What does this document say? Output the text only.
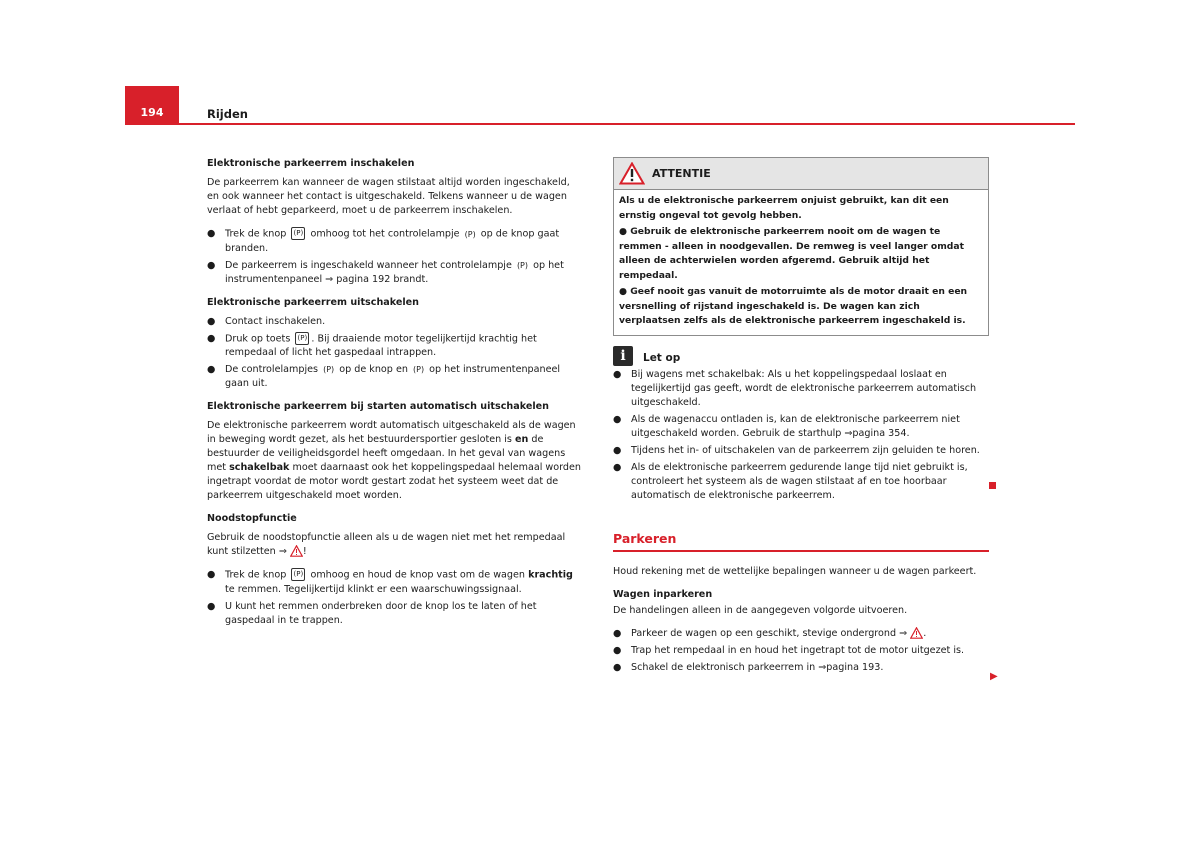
194	Rijden
Elektronische parkeerrem inschakelen

De parkeerrem kan wanneer de wagen stilstaat altijd worden ingeschakeld, en ook wanneer het contact is uitgeschakeld. Telkens wanneer u de wagen verlaat of hebt geparkeerd, moet u de parkeerrem inschakelen.

● Trek de knop (P) omhoog tot het controlelampje (P) op de knop gaat branden.
● De parkeerrem is ingeschakeld wanneer het controlelampje (P) op het instrumentenpaneel ⇒ pagina 192 brandt.
Elektronische parkeerrem uitschakelen
● Contact inschakelen.
● Druk op toets (P) . Bij draaiende motor tegelijkertijd krachtig het rempedaal of licht het gaspedaal intrappen.
● De controlelampjes (P) op de knop en (P) op het instrumentenpaneel gaan uit.
Elektronische parkeerrem bij starten automatisch uitschakelen

De elektronische parkeerrem wordt automatisch uitgeschakeld als de wagen in beweging wordt gezet, als het bestuurdersportier gesloten is en de bestuurder de veiligheidsgordel heeft omgedaan. In het geval van wagens met schakelbak moet daarnaast ook het koppelingspedaal helemaal worden ingetrapt voordat de motor wordt gestart zodat het systeem weet dat de parkeerrem uitgeschakeld moet worden.

Noodstopfunctie

Gebruik de noodstopfunctie alleen als u de wagen niet met het rempedaal kunt stilzetten ⇒ !

● Trek de knop (P) omhoog en houd de knop vast om de wagen krachtig te remmen. Tegelijkertijd klinkt er een waarschuwingssignaal.
● U kunt het remmen onderbreken door de knop los te laten of het gaspedaal in te trappen.
ATTENTIE

Als u de elektronische parkeerrem onjuist gebruikt, kan dit een ernstig ongeval tot gevolg hebben.

● Gebruik de elektronische parkeerrem nooit om de wagen te remmen - alleen in noodgevallen. De remweg is veel langer omdat alleen de achterwielen worden afgeremd. Gebruik altijd het rempedaal.

● Geef nooit gas vanuit de motorruimte als de motor draait en een versnelling of rijstand ingeschakeld is. De wagen kan zich verplaatsen zelfs als de elektronische parkeerrem ingeschakeld is.

i	Let op
● Bij wagens met schakelbak: Als u het koppelingspedaal loslaat en tegelijkertijd gas geeft, wordt de elektronische parkeerrem automatisch uitgeschakeld.
● Als de wagenaccu ontladen is, kan de elektronische parkeerrem niet uitgeschakeld worden. Gebruik de starthulp ⇒pagina 354.
● Tijdens het in- of uitschakelen van de parkeerrem zijn geluiden te horen.
● Als de elektronische parkeerrem gedurende lange tijd niet gebruikt is, controleert het systeem als de wagen stilstaat af en toe hoorbaar automatisch de elektronische parkeerrem.
Parkeren

Houd rekening met de wettelijke bepalingen wanneer u de wagen parkeert.

Wagen inparkeren

De handelingen alleen in de aangegeven volgorde uitvoeren.

● Parkeer de wagen op een geschikt, stevige ondergrond ⇒ .
● Trap het rempedaal in en houd het ingetrapt tot de motor uitgezet is.
● Schakel de elektronisch parkeerrem in ⇒pagina 193.
▶
